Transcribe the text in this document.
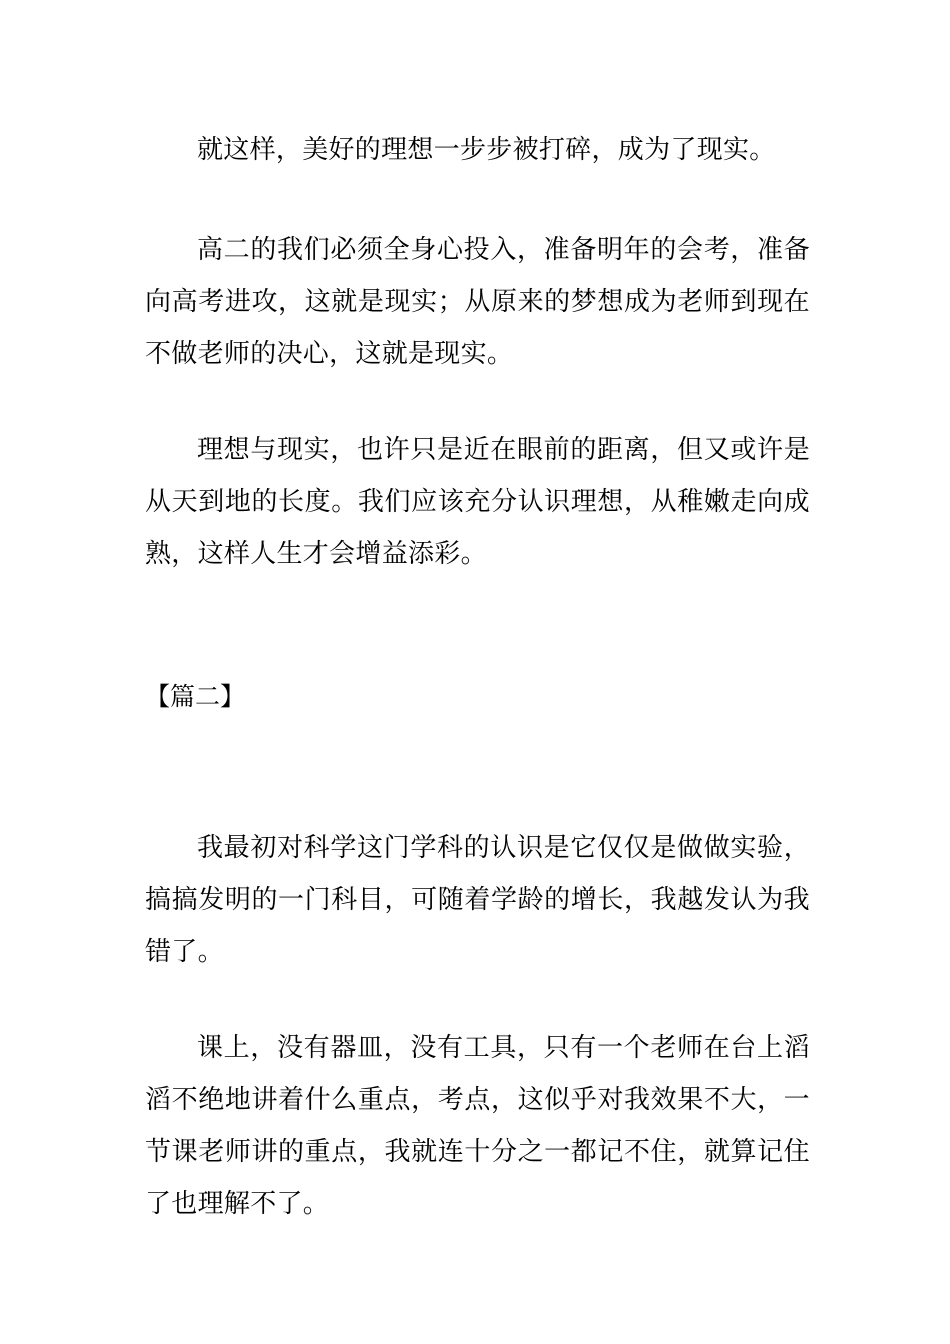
就这样，美好的理想一步步被打碎，成为了现实。

高二的我们必须全身心投入，准备明年的会考，准备向高考进攻，这就是现实；从原来的梦想成为老师到现在不做老师的决心，这就是现实。

理想与现实，也许只是近在眼前的距离，但又或许是从天到地的长度。我们应该充分认识理想，从稚嫩走向成熟，这样人生才会增益添彩。

【篇二】

我最初对科学这门学科的认识是它仅仅是做做实验，搞搞发明的一门科目，可随着学龄的增长，我越发认为我错了。

课上，没有器皿，没有工具，只有一个老师在台上滔滔不绝地讲着什么重点，考点，这似乎对我效果不大，一节课老师讲的重点，我就连十分之一都记不住，就算记住了也理解不了。
